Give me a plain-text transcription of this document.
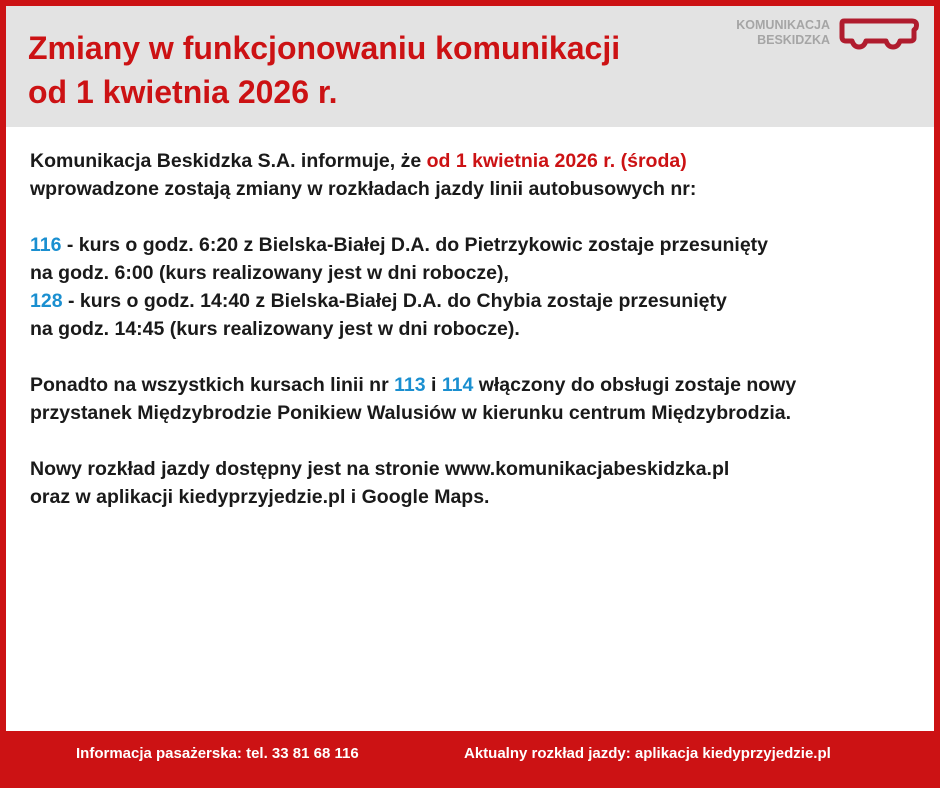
Zmiany w funkcjonowaniu komunikacji
od 1 kwietnia 2026 r.
KOMUNIKACJA
BESKIDZKA

Komunikacja Beskidzka S.A. informuje, że od 1 kwietnia 2026 r. (środa)
wprowadzone zostają zmiany w rozkładach jazdy linii autobusowych nr:

116 - kurs o godz. 6:20 z Bielska-Białej D.A. do Pietrzykowic zostaje przesunięty
na godz. 6:00 (kurs realizowany jest w dni robocze),
128 - kurs o godz. 14:40 z Bielska-Białej D.A. do Chybia zostaje przesunięty
na godz. 14:45 (kurs realizowany jest w dni robocze).

Ponadto na wszystkich kursach linii nr 113 i 114 włączony do obsługi zostaje nowy
przystanek Międzybrodzie Ponikiew Walusiów w kierunku centrum Międzybrodzia.

Nowy rozkład jazdy dostępny jest na stronie www.komunikacjabeskidzka.pl
oraz w aplikacji kiedyprzyjedzie.pl i Google Maps.

Informacja pasażerska: tel. 33 81 68 116	Aktualny rozkład jazdy: aplikacja kiedyprzyjedzie.pl
